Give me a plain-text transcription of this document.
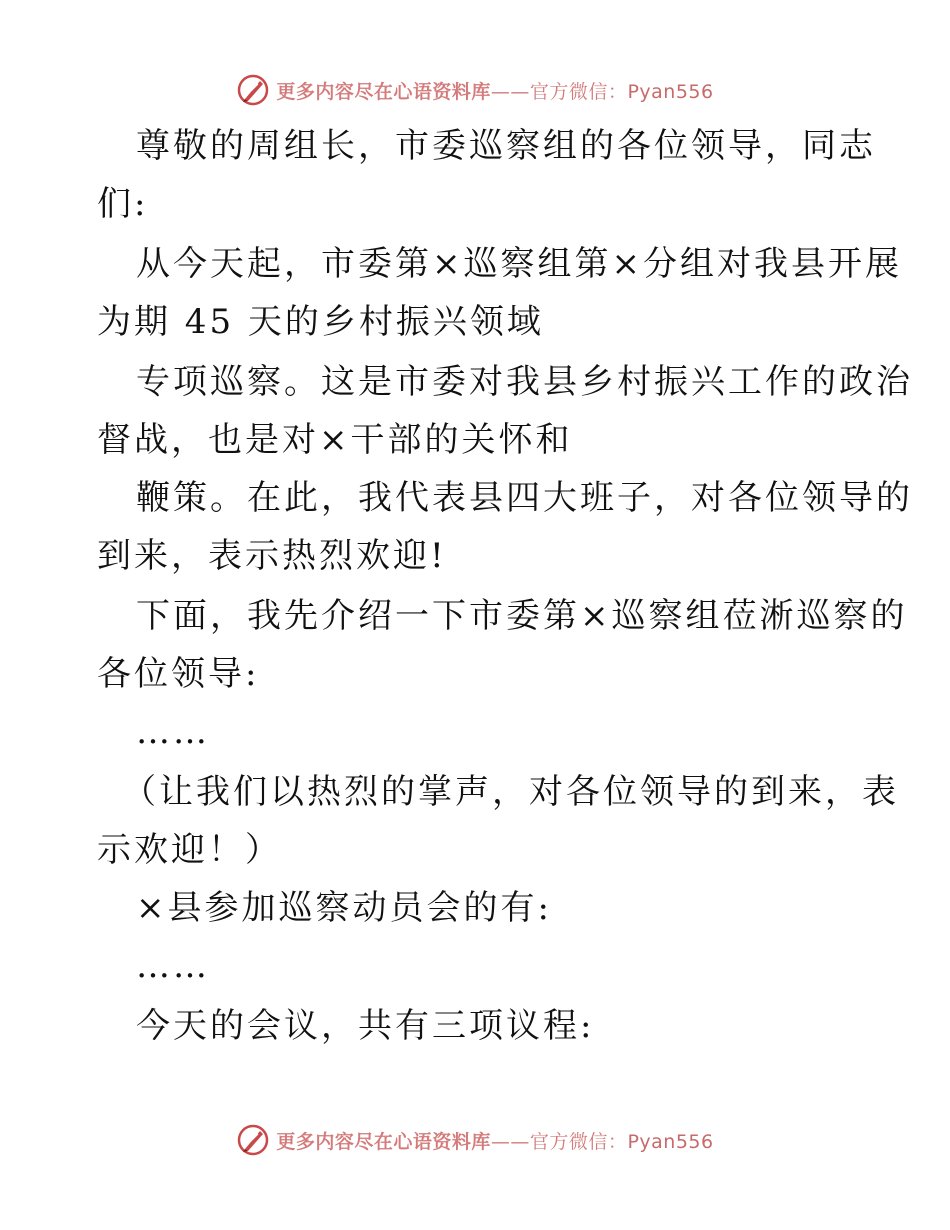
更多内容尽在心语资料库——官方微信：Pyan556
尊敬的周组长，市委巡察组的各位领导，同志
们:
从今天起，市委第×巡察组第×分组对我县开展
为期 45 天的乡村振兴领域
专项巡察。这是市委对我县乡村振兴工作的政治
督战，也是对×干部的关怀和
鞭策。在此，我代表县四大班子，对各位领导的
到来，表示热烈欢迎!
下面，我先介绍一下市委第×巡察组莅淅巡察的
各位领导:
……
（让我们以热烈的掌声，对各位领导的到来，表
示欢迎！）
×县参加巡察动员会的有:
……
今天的会议，共有三项议程:
更多内容尽在心语资料库——官方微信：Pyan556
